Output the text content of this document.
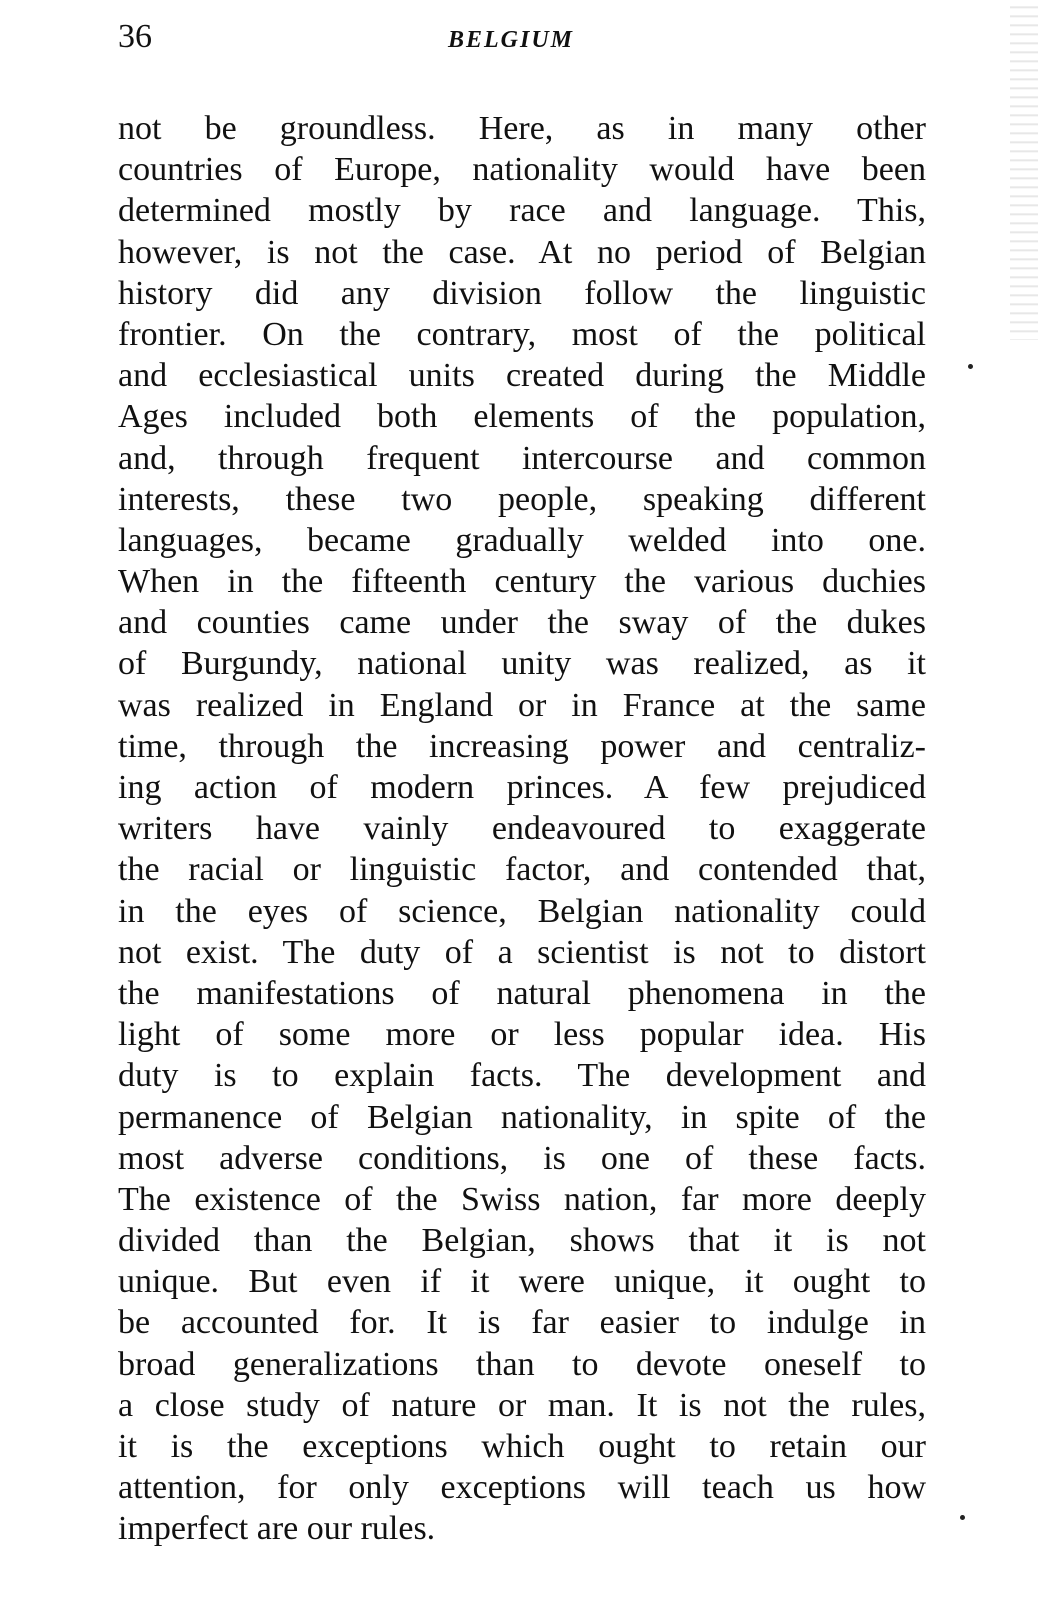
36	BELGIUM
not be groundless. Here, as in many other
countries of Europe, nationality would have been
determined mostly by race and language. This,
however, is not the case. At no period of Belgian
history did any division follow the linguistic
frontier. On the contrary, most of the political
and ecclesiastical units created during the Middle
Ages included both elements of the population,
and, through frequent intercourse and common
interests, these two people, speaking different
languages, became gradually welded into one.
When in the fifteenth century the various duchies
and counties came under the sway of the dukes
of Burgundy, national unity was realized, as it
was realized in England or in France at the same
time, through the increasing power and centraliz-
ing action of modern princes. A few prejudiced
writers have vainly endeavoured to exaggerate
the racial or linguistic factor, and contended that,
in the eyes of science, Belgian nationality could
not exist. The duty of a scientist is not to distort
the manifestations of natural phenomena in the
light of some more or less popular idea. His
duty is to explain facts. The development and
permanence of Belgian nationality, in spite of the
most adverse conditions, is one of these facts.
The existence of the Swiss nation, far more deeply
divided than the Belgian, shows that it is not
unique. But even if it were unique, it ought to
be accounted for. It is far easier to indulge in
broad generalizations than to devote oneself to
a close study of nature or man. It is not the rules,
it is the exceptions which ought to retain our
attention, for only exceptions will teach us how
imperfect are our rules.
